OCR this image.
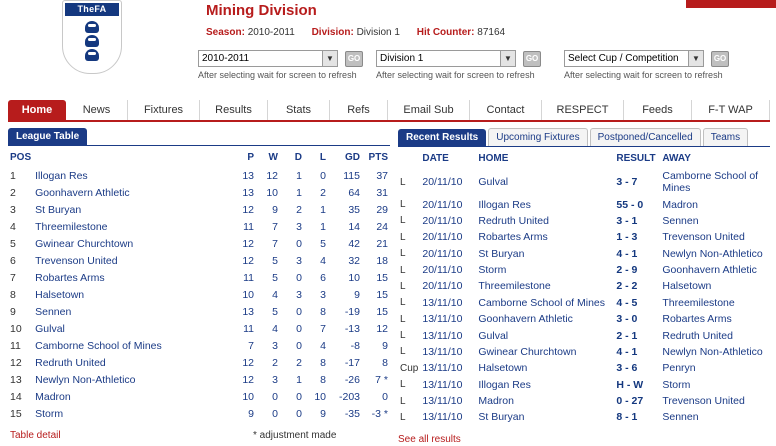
TheFA	Mining Division
Season: 2010-2011 Division: Division 1 Hit Counter: 87164
2010-2011	▼	GO
After selecting wait for screen to refresh
Division 1	▼	GO
After selecting wait for screen to refresh
Select Cup / Competition	▼	GO
After selecting wait for screen to refresh
Home	News	Fixtures	Results	Stats	Refs	Email Sub	Contact	RESPECT	Feeds	F-T WAP
League Table
POS		P	W	D	L	GD	PTS
1	Illogan Res	13	12	1	0	115	37
2	Goonhavern Athletic	13	10	1	2	64	31
3	St Buryan	12	9	2	1	35	29
4	Threemilestone	11	7	3	1	14	24
5	Gwinear Churchtown	12	7	0	5	42	21
6	Trevenson United	12	5	3	4	32	18
7	Robartes Arms	11	5	0	6	10	15
8	Halsetown	10	4	3	3	9	15
9	Sennen	13	5	0	8	-19	15
10	Gulval	11	4	0	7	-13	12
11	Camborne School of Mines	7	3	0	4	-8	9
12	Redruth United	12	2	2	8	-17	8
13	Newlyn Non-Athletico	12	3	1	8	-26	7 *
14	Madron	10	0	0	10	-203	0
15	Storm	9	0	0	9	-35	-3 *
Table detail	* adjustment made
Recent Results Upcoming Fixtures Postponed/Cancelled Teams
	DATE	HOME	RESULT	AWAY
L	20/11/10	Gulval	3 - 7	Camborne School of Mines
L	20/11/10	Illogan Res	55 - 0	Madron
L	20/11/10	Redruth United	3 - 1	Sennen
L	20/11/10	Robartes Arms	1 - 3	Trevenson United
L	20/11/10	St Buryan	4 - 1	Newlyn Non-Athletico
L	20/11/10	Storm	2 - 9	Goonhavern Athletic
L	20/11/10	Threemilestone	2 - 2	Halsetown
L	13/11/10	Camborne School of Mines	4 - 5	Threemilestone
L	13/11/10	Goonhavern Athletic	3 - 0	Robartes Arms
L	13/11/10	Gulval	2 - 1	Redruth United
L	13/11/10	Gwinear Churchtown	4 - 1	Newlyn Non-Athletico
Cup	13/11/10	Halsetown	3 - 6	Penryn
L	13/11/10	Illogan Res	H - W	Storm
L	13/11/10	Madron	0 - 27	Trevenson United
L	13/11/10	St Buryan	8 - 1	Sennen
See all results
